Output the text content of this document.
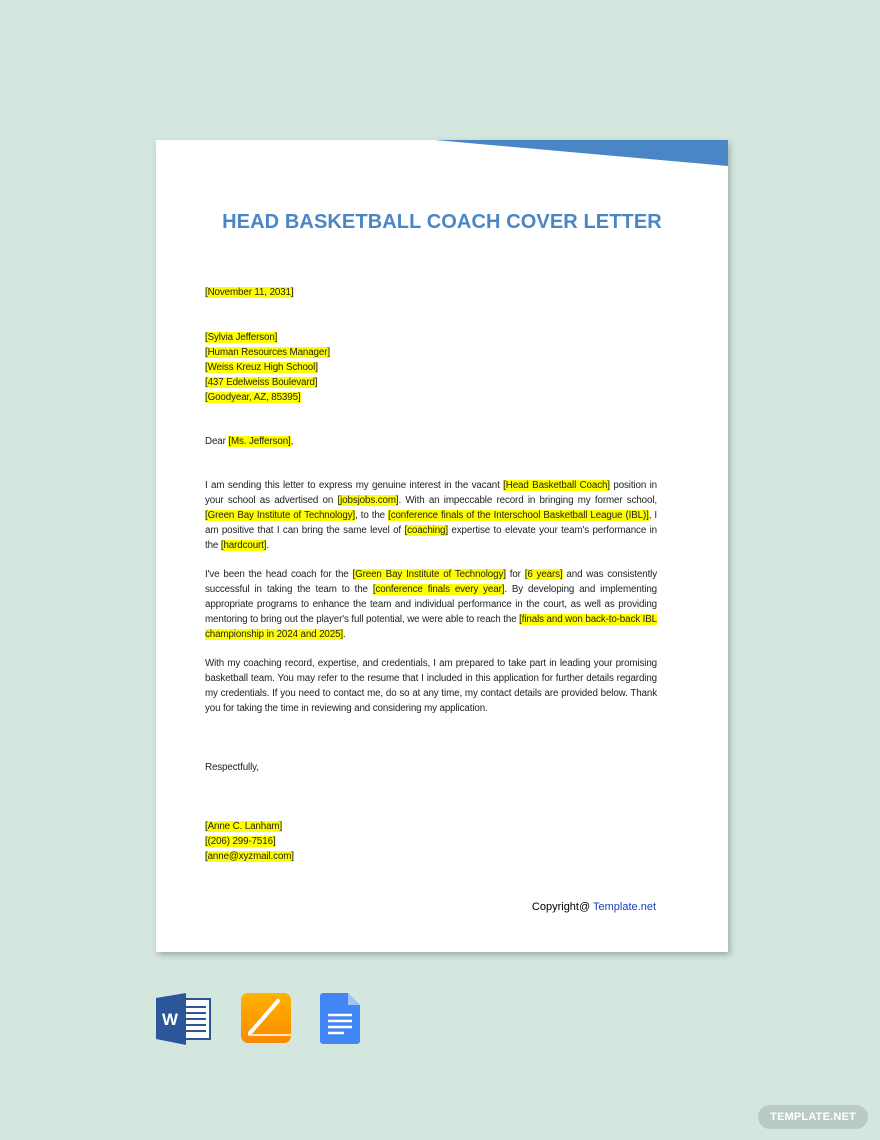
HEAD BASKETBALL COACH COVER LETTER

[November 11, 2031]

[Sylvia Jefferson]

[Human Resources Manager]

[Weiss Kreuz High School]

[437 Edelweiss Boulevard]

[Goodyear, AZ, 85395]

Dear [Ms. Jefferson],

I am sending this letter to express my genuine interest in the vacant [Head Basketball Coach] position in your school as advertised on [jobsjobs.com]. With an impeccable record in bringing my former school, [Green Bay Institute of Technology], to the [conference finals of the Interschool Basketball League (IBL)], I am positive that I can bring the same level of [coaching] expertise to elevate your team's performance in the [hardcourt].

I've been the head coach for the [Green Bay Institute of Technology] for [6 years] and was consistently successful in taking the team to the [conference finals every year]. By developing and implementing appropriate programs to enhance the team and individual performance in the court, as well as providing mentoring to bring out the player's full potential, we were able to reach the [finals and won back-to-back IBL championship in 2024 and 2025].

With my coaching record, expertise, and credentials, I am prepared to take part in leading your promising basketball team. You may refer to the resume that I included in this application for further details regarding my credentials. If you need to contact me, do so at any time, my contact details are provided below. Thank you for taking the time in reviewing and considering my application.

Respectfully,

[Anne C. Lanham]

[(206) 299-7516]

[anne@xyzmail.com]

Copyright@ Template.net
W
TEMPLATE.NET
